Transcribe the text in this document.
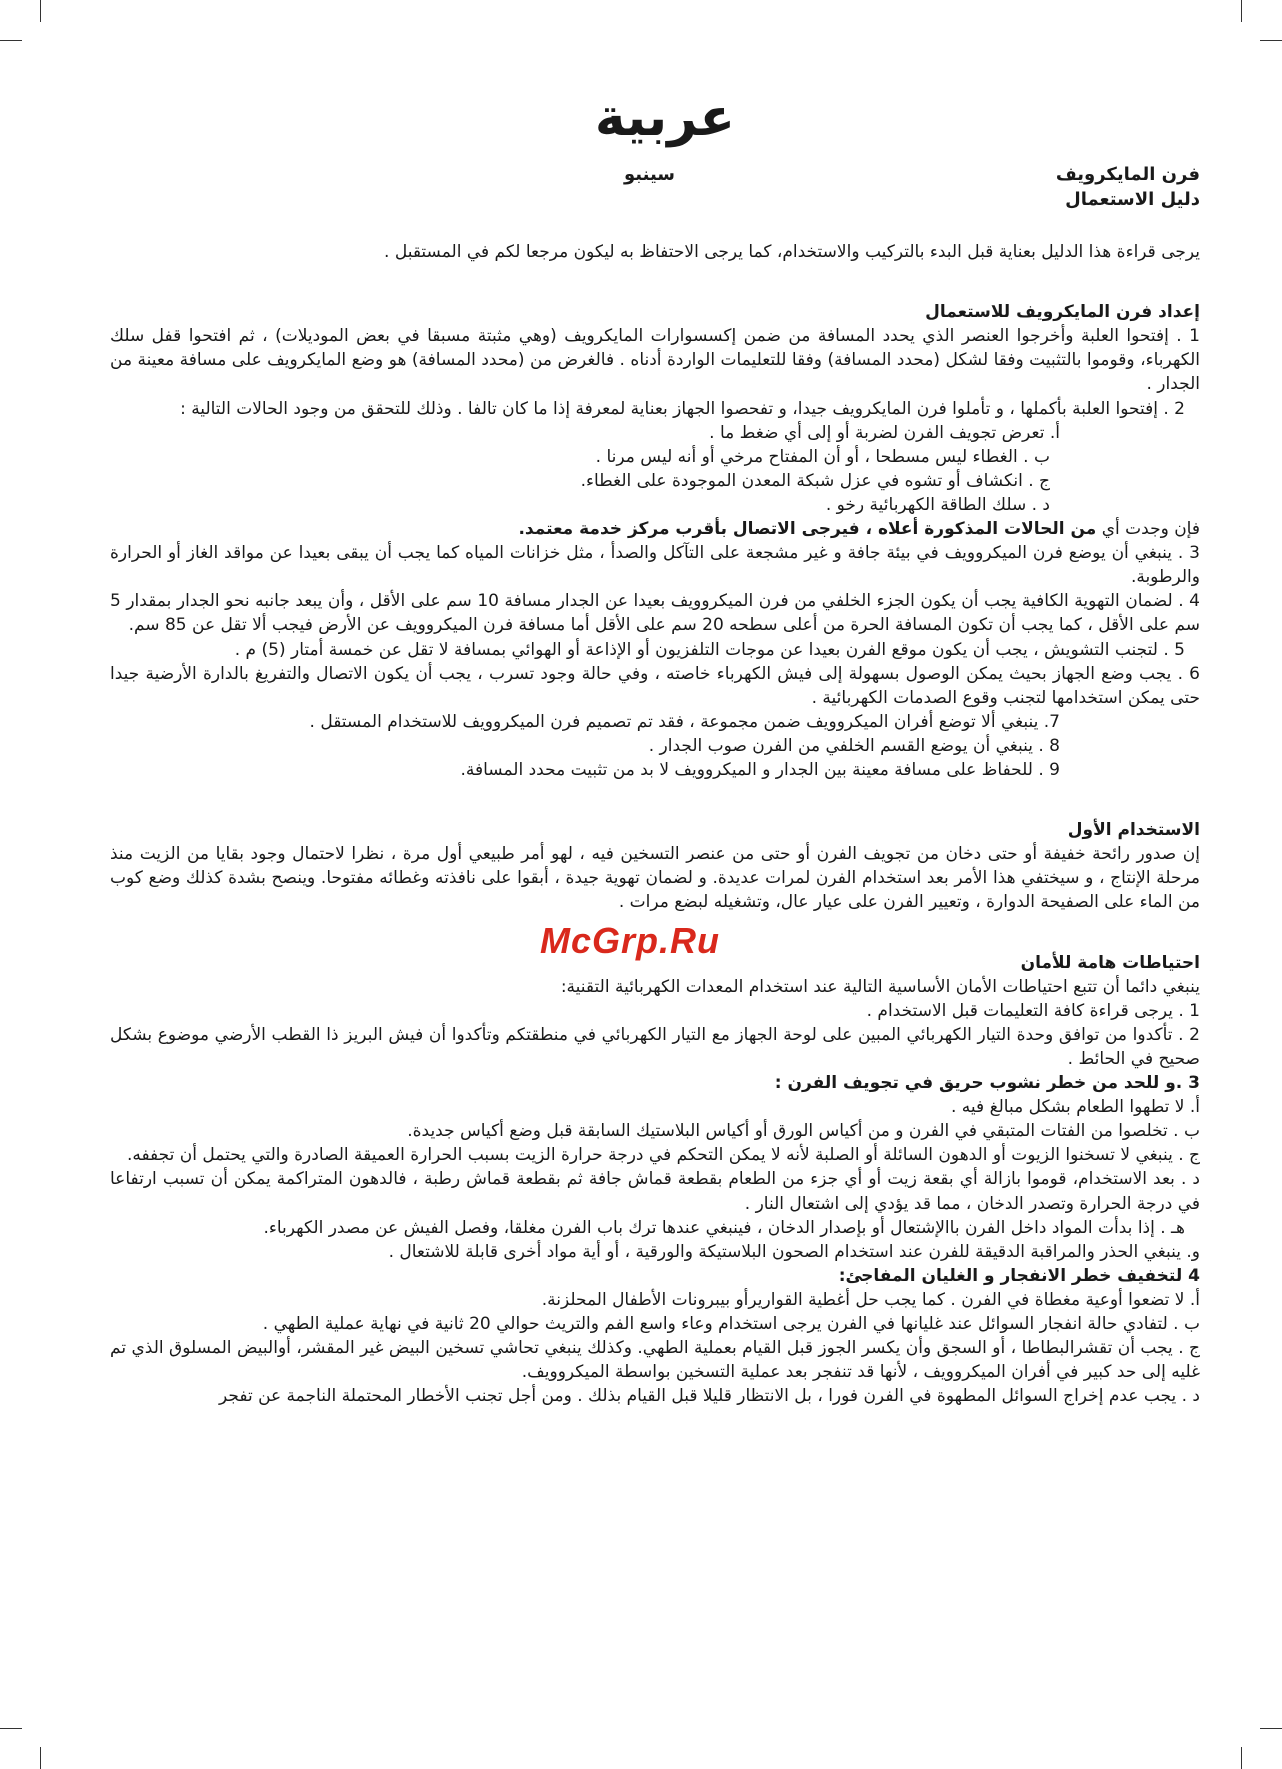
عربية
فرن المايكرويف
دليل الاستعمال
سينبو

يرجى قراءة هذا الدليل بعناية قبل البدء بالتركيب والاستخدام، كما يرجى الاحتفاظ به ليكون مرجعا لكم في المستقبل .

إعداد فرن المايكرويف للاستعمال

1 . إفتحوا العلبة وأخرجوا العنصر الذي يحدد المسافة من ضمن إكسسوارات المايكرويف (وهي مثبتة مسبقا في بعض الموديلات) ، ثم افتحوا قفل سلك الكهرباء، وقوموا بالتثبيت وفقا لشكل (محدد المسافة) وفقا للتعليمات الواردة أدناه . فالغرض من (محدد المسافة) هو وضع المايكرويف على مسافة معينة من الجدار .

2 . إفتحوا العلبة بأكملها ، و تأملوا فرن المايكرويف جيدا، و تفحصوا الجهاز بعناية لمعرفة إذا ما كان تالفا . وذلك للتحقق من وجود الحالات التالية :

أ. تعرض تجويف الفرن لضربة أو إلى أي ضغط ما .

ب . الغطاء ليس مسطحا ، أو أن المفتاح مرخي أو أنه ليس مرنا .

ج . انكشاف أو تشوه في عزل شبكة المعدن الموجودة على الغطاء.

د . سلك الطاقة الكهربائية رخو .

فإن وجدت أي من الحالات المذكورة أعلاه ، فيرجى الاتصال بأقرب مركز خدمة معتمد.

3 . ينبغي أن يوضع فرن الميكروويف في بيئة جافة و غير مشجعة على التآكل والصدأ ، مثل خزانات المياه كما يجب أن يبقى بعيدا عن مواقد الغاز أو الحرارة والرطوبة.

4 . لضمان التهوية الكافية يجب أن يكون الجزء الخلفي من فرن الميكروويف بعيدا عن الجدار مسافة 10 سم على الأقل ، وأن يبعد جانبه نحو الجدار بمقدار 5 سم على الأقل ، كما يجب أن تكون المسافة الحرة من أعلى سطحه 20 سم على الأقل أما مسافة فرن الميكروويف عن الأرض فيجب ألا تقل عن 85 سم.

5 . لتجنب التشويش ، يجب أن يكون موقع الفرن بعيدا عن موجات التلفزيون أو الإذاعة أو الهوائي بمسافة لا تقل عن خمسة أمتار (5) م .

6 . يجب وضع الجهاز بحيث يمكن الوصول بسهولة إلى فيش الكهرباء خاصته ، وفي حالة وجود تسرب ، يجب أن يكون الاتصال والتفريغ بالدارة الأرضية جيدا حتى يمكن استخدامها لتجنب وقوع الصدمات الكهربائية .

7. ينبغي ألا توضع أفران الميكروويف ضمن مجموعة ، فقد تم تصميم فرن الميكروويف للاستخدام المستقل .

8 . ينبغي أن يوضع القسم الخلفي من الفرن صوب الجدار .

9 . للحفاظ على مسافة معينة بين الجدار و الميكروويف لا بد من تثبيت محدد المسافة.

الاستخدام الأول

إن صدور رائحة خفيفة أو حتى دخان من تجويف الفرن أو حتى من عنصر التسخين فيه ، لهو أمر طبيعي أول مرة ، نظرا لاحتمال وجود بقايا من الزيت منذ مرحلة الإنتاج ، و سيختفي هذا الأمر بعد استخدام الفرن لمرات عديدة. و لضمان تهوية جيدة ، أبقوا على نافذته وغطائه مفتوحا. وينصح بشدة كذلك وضع كوب من الماء على الصفيحة الدوارة ، وتعيير الفرن على عيار عال، وتشغيله لبضع مرات .

احتياطات هامة للأمان

ينبغي دائما أن تتبع احتياطات الأمان الأساسية التالية عند استخدام المعدات الكهربائية التقنية:

1 . يرجى قراءة كافة التعليمات قبل الاستخدام .

2 . تأكدوا من توافق وحدة التيار الكهربائي المبين على لوحة الجهاز مع التيار الكهربائي في منطقتكم وتأكدوا أن فيش البريز ذا القطب الأرضي موضوع بشكل صحيح في الحائط .

3 .و للحد من خطر نشوب حريق في تجويف الفرن :

أ. لا تطهوا الطعام بشكل مبالغ فيه .

ب . تخلصوا من الفتات المتبقي في الفرن و من أكياس الورق أو أكياس البلاستيك السابقة قبل وضع أكياس جديدة.

ج . ينبغي لا تسخنوا الزيوت أو الدهون السائلة أو الصلبة لأنه لا يمكن التحكم في درجة حرارة الزيت بسبب الحرارة العميقة الصادرة والتي يحتمل أن تجففه.

د . بعد الاستخدام، قوموا بازالة أي بقعة زيت أو أي جزء من الطعام بقطعة قماش جافة ثم بقطعة قماش رطبة ، فالدهون المتراكمة يمكن أن تسبب ارتفاعا في درجة الحرارة وتصدر الدخان ، مما قد يؤدي إلى اشتعال النار .

هـ . إذا بدأت المواد داخل الفرن باالإشتعال أو بإصدار الدخان ، فينبغي عندها ترك باب الفرن مغلقا، وفصل الفيش عن مصدر الكهرباء.

و. ينبغي الحذر والمراقبة الدقيقة للفرن عند استخدام الصحون البلاستيكة والورقية ، أو أية مواد أخرى قابلة للاشتعال .

4 لتخفيف خطر الانفجار و الغليان المفاجئ:

أ. لا تضعوا أوعية مغطاة في الفرن . كما يجب حل أغطية القواريرأو بيبرونات الأطفال المحلزنة.

ب . لتفادي حالة انفجار السوائل عند غليانها في الفرن يرجى استخدام وعاء واسع الفم والتريث حوالي 20 ثانية في نهاية عملية الطهي .

ج . يجب أن تقشرالبطاطا ، أو السجق وأن يكسر الجوز قبل القيام بعملية الطهي. وكذلك ينبغي تحاشي تسخين البيض غير المقشر، أوالبيض المسلوق الذي تم غليه إلى حد كبير في أفران الميكروويف ، لأنها قد تنفجر بعد عملية التسخين بواسطة الميكروويف.

د . يجب عدم إخراج السوائل المطهوة في الفرن فورا ، بل الانتظار قليلا قبل القيام بذلك . ومن أجل تجنب الأخطار المحتملة الناجمة عن تفجر

McGrp.Ru
